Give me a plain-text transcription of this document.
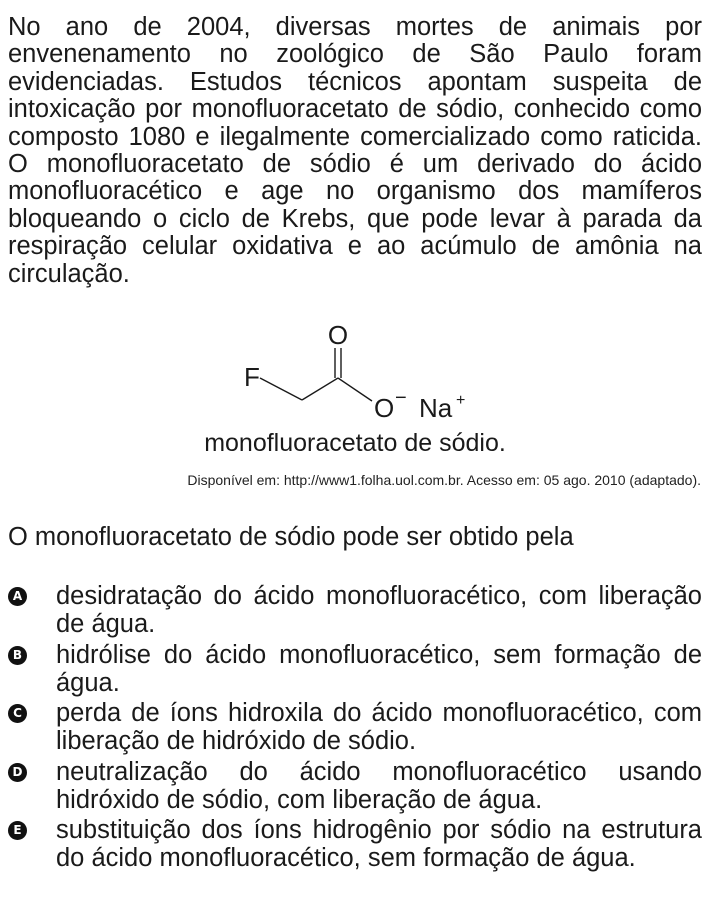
No ano de 2004, diversas mortes de animais por envenenamento no zoológico de São Paulo foram evidenciadas. Estudos técnicos apontam suspeita de intoxicação por monofluoracetato de sódio, conhecido como composto 1080 e ilegalmente comercializado como raticida. O monofluoracetato de sódio é um derivado do ácido monofluoracético e age no organismo dos mamíferos bloqueando o ciclo de Krebs, que pode levar à parada da respiração celular oxidativa e ao acúmulo de amônia na circulação.

O
F
O − Na +
monofluoracetato de sódio.
Disponível em: http://www1.folha.uol.com.br. Acesso em: 05 ago. 2010 (adaptado).

O monofluoracetato de sódio pode ser obtido pela

A desidratação do ácido monofluoracético, com liberação de água.
B hidrólise do ácido monofluoracético, sem formação de água.
C perda de íons hidroxila do ácido monofluoracético, com liberação de hidróxido de sódio.
D neutralização do ácido monofluoracético usando hidróxido de sódio, com liberação de água.
E substituição dos íons hidrogênio por sódio na estrutura do ácido monofluoracético, sem formação de água.
